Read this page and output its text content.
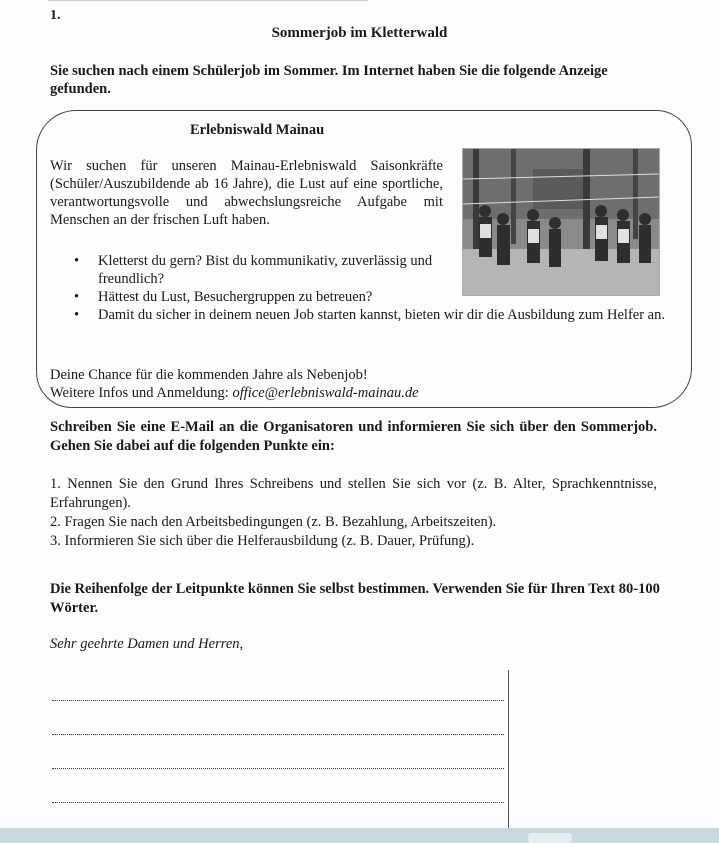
1.
Sommerjob im Kletterwald
Sie suchen nach einem Schülerjob im Sommer. Im Internet haben Sie die folgende Anzeige gefunden.
Erlebniswald Mainau
Wir suchen für unseren Mainau-Erlebniswald Saisonkräfte (Schüler/Auszubildende ab 16 Jahre), die Lust auf eine sportliche, verantwortungsvolle und abwechslungsreiche Aufgabe mit Menschen an der frischen Luft haben.
• Kletterst du gern? Bist du kommunikativ, zuverlässig und freundlich?
• Hättest du Lust, Besuchergruppen zu betreuen?
• Damit du sicher in deinem neuen Job starten kannst, bieten wir dir die Ausbildung zum Helfer an.
Deine Chance für die kommenden Jahre als Nebenjob!
Weitere Infos und Anmeldung: office@erlebniswald-mainau.de
Schreiben Sie eine E-Mail an die Organisatoren und informieren Sie sich über den Sommerjob. Gehen Sie dabei auf die folgenden Punkte ein:

1. Nennen Sie den Grund Ihres Schreibens und stellen Sie sich vor (z. B. Alter, Sprachkenntnisse, Erfahrungen).

2. Fragen Sie nach den Arbeitsbedingungen (z. B. Bezahlung, Arbeitszeiten).

3. Informieren Sie sich über die Helferausbildung (z. B. Dauer, Prüfung).

Die Reihenfolge der Leitpunkte können Sie selbst bestimmen. Verwenden Sie für Ihren Text 80-100 Wörter.
Sehr geehrte Damen und Herren,
